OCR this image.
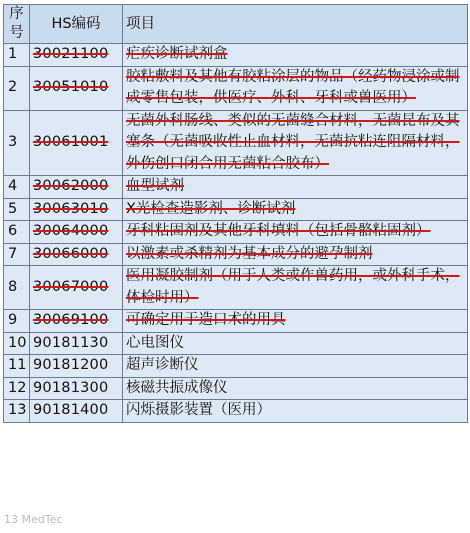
序号	HS编码	项目
1	30021100	疟疾诊断试剂盒
2	30051010	胶粘敷料及其他有胶粘涂层的物品（经药物浸涂或制成零售包装，供医疗、外科、牙科或兽医用）
3	30061001	无菌外科肠线、类似的无菌缝合材料，无菌昆布及其塞条（无菌吸收性止血材料，无菌抗粘连阻隔材料，外伤创口闭合用无菌粘合胶布）
4	30062000	血型试剂
5	30063010	X光检查造影剂、诊断试剂
6	30064000	牙科粘固剂及其他牙科填料（包括骨骼粘固剂）
7	30066000	以激素或杀精剂为基本成分的避孕制剂
8	30067000	医用凝胶制剂（用于人类或作兽药用，或外科手术，体检时用）
9	30069100	可确定用于造口术的用具
10	90181130	心电图仪
11	90181200	超声诊断仪
12	90181300	核磁共振成像仪
13	90181400	闪烁摄影装置（医用）
13 MedTec
